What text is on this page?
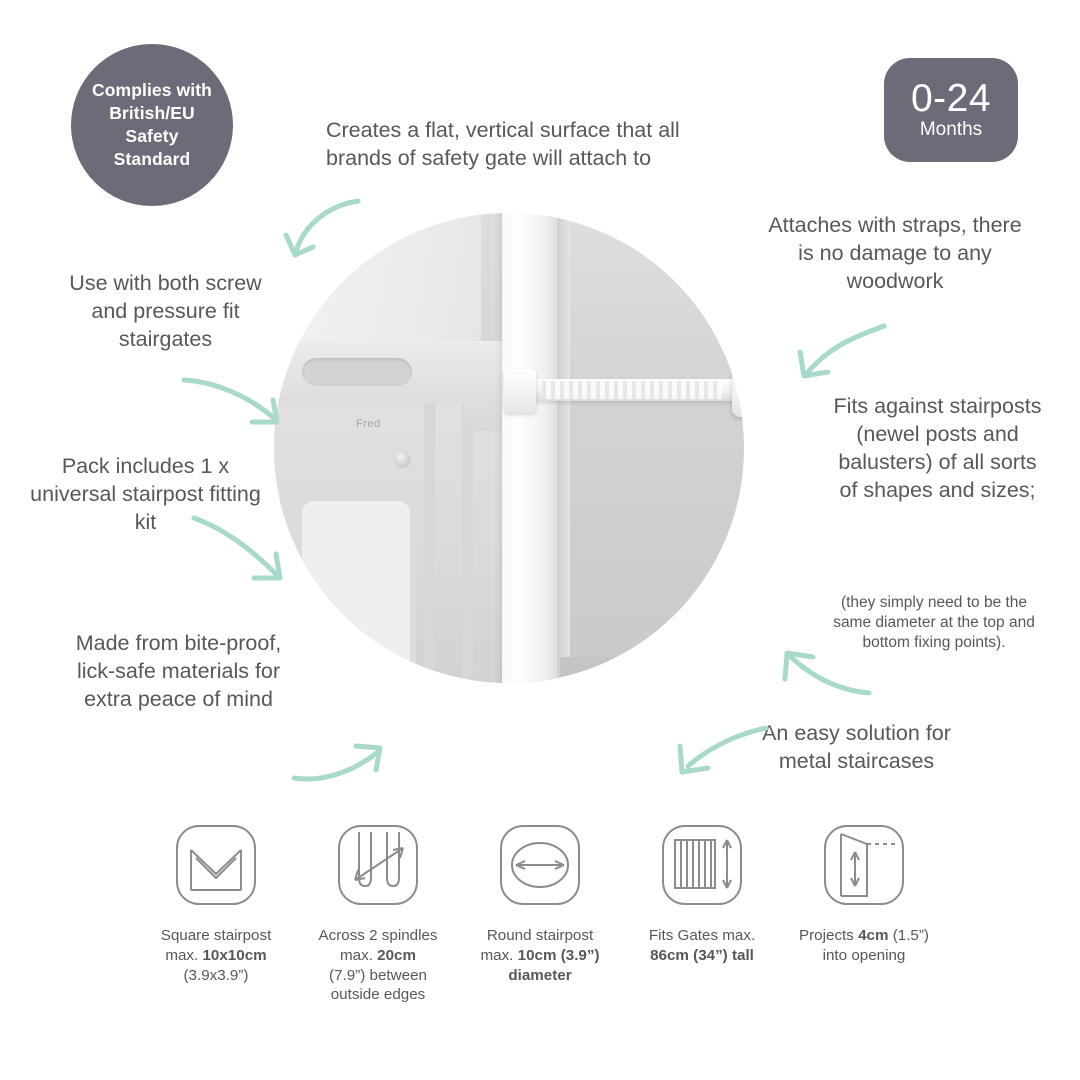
Complies with British/EU Safety Standard
0-24
Months
Fred
Creates a flat, vertical surface that all brands of safety gate will attach to
Use with both screw and pressure fit stairgates
Pack includes 1 x universal stairpost fitting kit
Made from bite-proof, lick-safe materials for extra peace of mind
Attaches with straps, there is no damage to any woodwork
Fits against stairposts (newel posts and balusters) of all sorts of shapes and sizes;
(they simply need to be the same diameter at the top and bottom fixing points).
An easy solution for metal staircases
Square stairpost
max. 10x10cm
(3.9x3.9”)
Across 2 spindles
max. 20cm
(7.9”) between outside edges
Round stairpost
max. 10cm (3.9”)
diameter
Fits Gates max.
86cm (34”) tall
Projects 4cm (1.5”)
into opening
